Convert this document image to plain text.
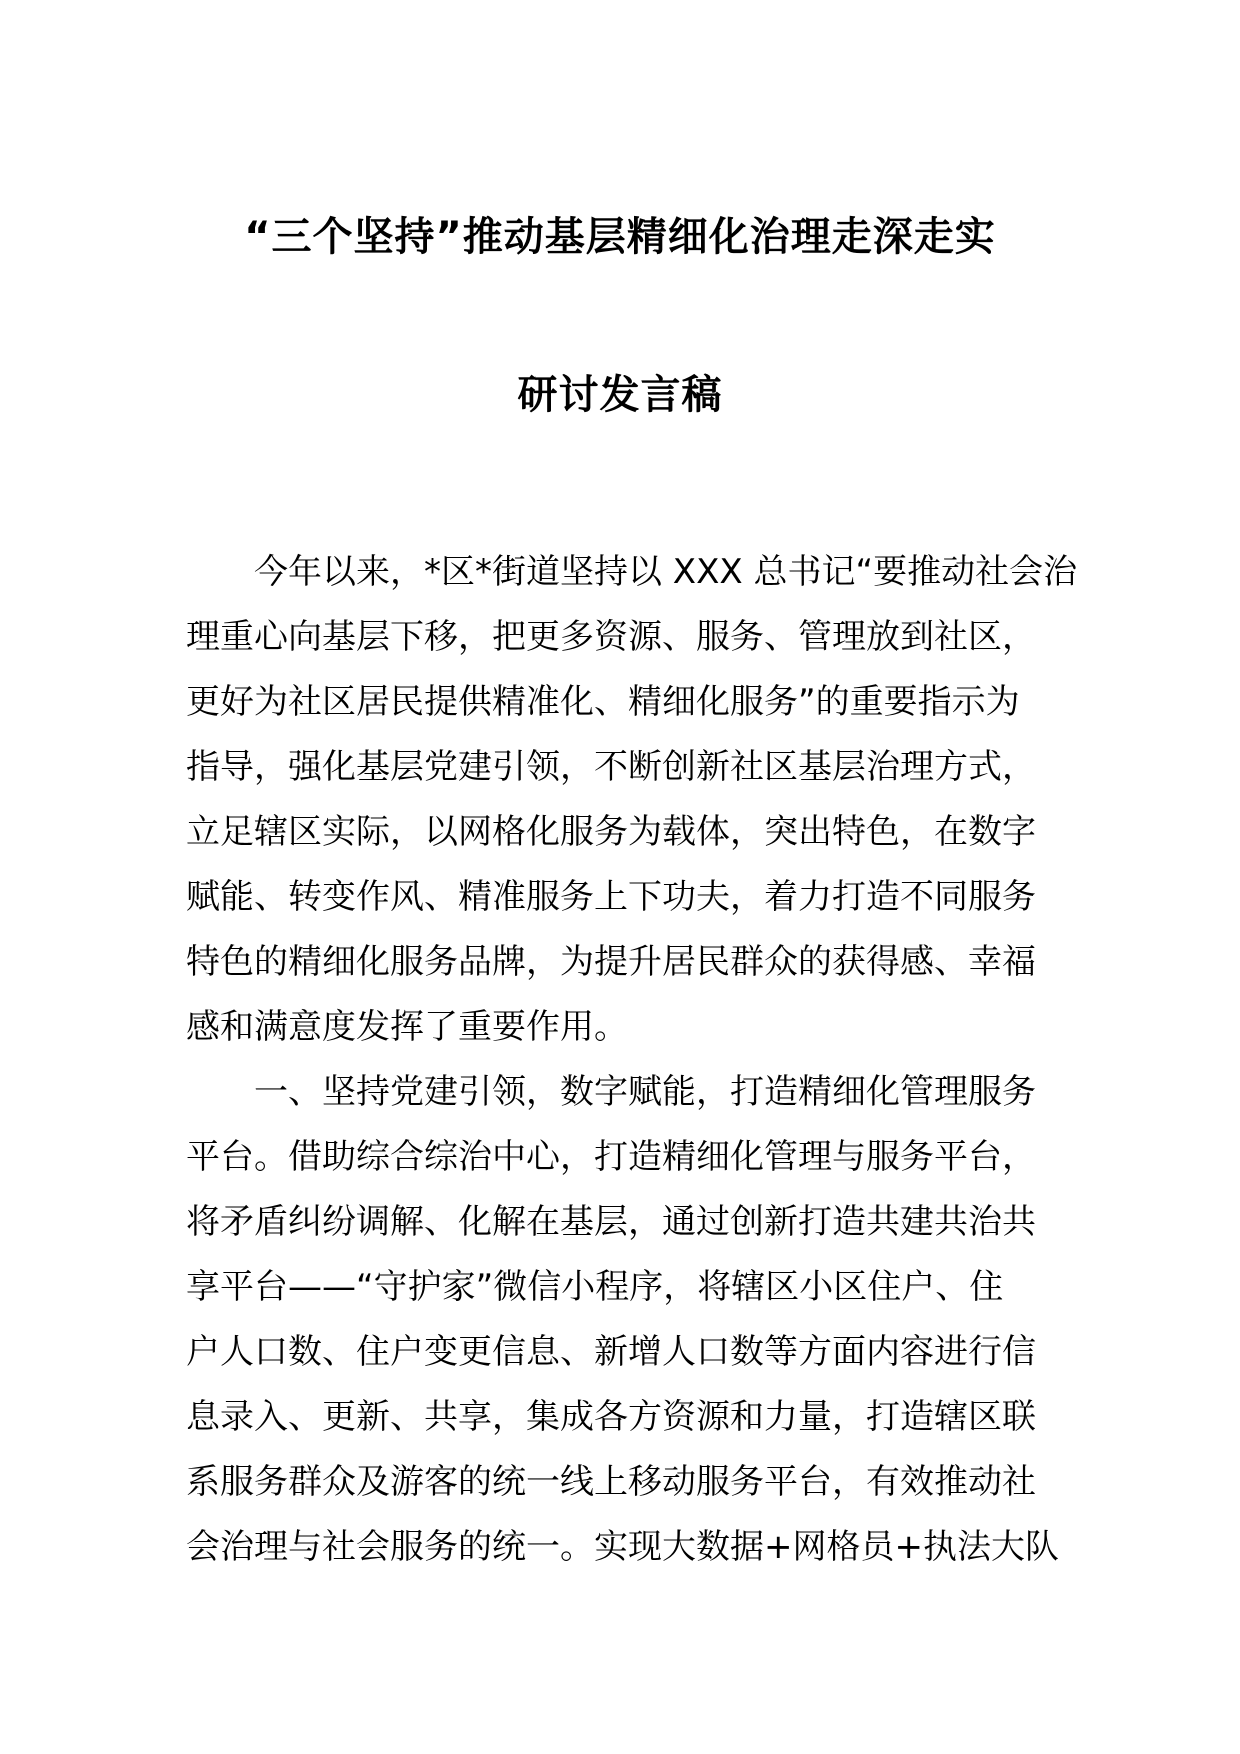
“三个坚持”推动基层精细化治理走深走实
研讨发言稿
今年以来，*区*街道坚持以 XXX 总书记“要推动社会治
理重心向基层下移，把更多资源、服务、管理放到社区，
更好为社区居民提供精准化、精细化服务”的重要指示为
指导，强化基层党建引领，不断创新社区基层治理方式，
立足辖区实际，以网格化服务为载体，突出特色，在数字
赋能、转变作风、精准服务上下功夫，着力打造不同服务
特色的精细化服务品牌，为提升居民群众的获得感、幸福
感和满意度发挥了重要作用。
一、坚持党建引领，数字赋能，打造精细化管理服务
平台。借助综合综治中心，打造精细化管理与服务平台，
将矛盾纠纷调解、化解在基层，通过创新打造共建共治共
享平台——“守护家”微信小程序，将辖区小区住户、住
户人口数、住户变更信息、新增人口数等方面内容进行信
息录入、更新、共享，集成各方资源和力量，打造辖区联
系服务群众及游客的统一线上移动服务平台，有效推动社
会治理与社会服务的统一。实现大数据+网格员+执法大队
